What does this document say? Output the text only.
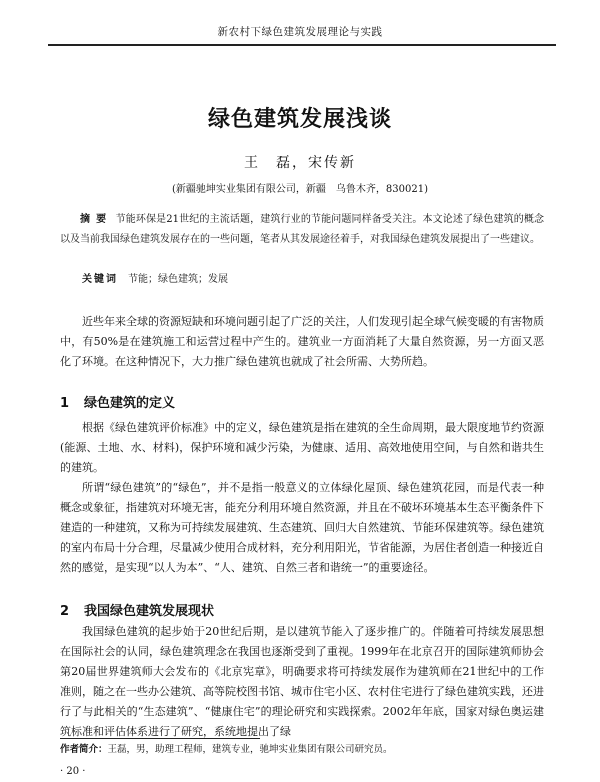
新农村下绿色建筑发展理论与实践
绿色建筑发展浅谈
王　磊，宋传新
(新疆驰坤实业集团有限公司，新疆　乌鲁木齐，830021)
摘要 节能环保是21世纪的主流话题，建筑行业的节能问题同样备受关注。本文论述了绿色建筑的概念以及当前我国绿色建筑发展存在的一些问题，笔者从其发展途径着手，对我国绿色建筑发展提出了一些建议。
关键词 节能；绿色建筑；发展

近些年来全球的资源短缺和环境问题引起了广泛的关注，人们发现引起全球气候变暖的有害物质中，有50%是在建筑施工和运营过程中产生的。建筑业一方面消耗了大量自然资源，另一方面又恶化了环境。在这种情况下，大力推广绿色建筑也就成了社会所需、大势所趋。

1 绿色建筑的定义

根据《绿色建筑评价标准》中的定义，绿色建筑是指在建筑的全生命周期，最大限度地节约资源(能源、土地、水、材料)，保护环境和减少污染，为健康、适用、高效地使用空间，与自然和谐共生的建筑。

所谓“绿色建筑”的“绿色”，并不是指一般意义的立体绿化屋顶、绿色建筑花园，而是代表一种概念或象征，指建筑对环境无害，能充分利用环境自然资源，并且在不破坏环境基本生态平衡条件下建造的一种建筑，又称为可持续发展建筑、生态建筑、回归大自然建筑、节能环保建筑等。绿色建筑的室内布局十分合理，尽量减少使用合成材料，充分利用阳光，节省能源，为居住者创造一种接近自然的感觉，是实现“以人为本”、“人、建筑、自然三者和谐统一”的重要途径。

2 我国绿色建筑发展现状

我国绿色建筑的起步始于20世纪后期，是以建筑节能入了逐步推广的。伴随着可持续发展思想在国际社会的认同，绿色建筑理念在我国也逐渐受到了重视。1999年在北京召开的国际建筑师协会第20届世界建筑师大会发布的《北京宪章》，明确要求将可持续发展作为建筑师在21世纪中的工作准则，随之在一些办公建筑、高等院校图书馆、城市住宅小区、农村住宅进行了绿色建筑实践，还进行了与此相关的“生态建筑”、“健康住宅”的理论研究和实践探索。2002年年底，国家对绿色奥运建筑标准和评估体系进行了研究，系统地提出了绿

作者简介：王磊，男，助理工程师，建筑专业，驰坤实业集团有限公司研究员。
· 20 ·
